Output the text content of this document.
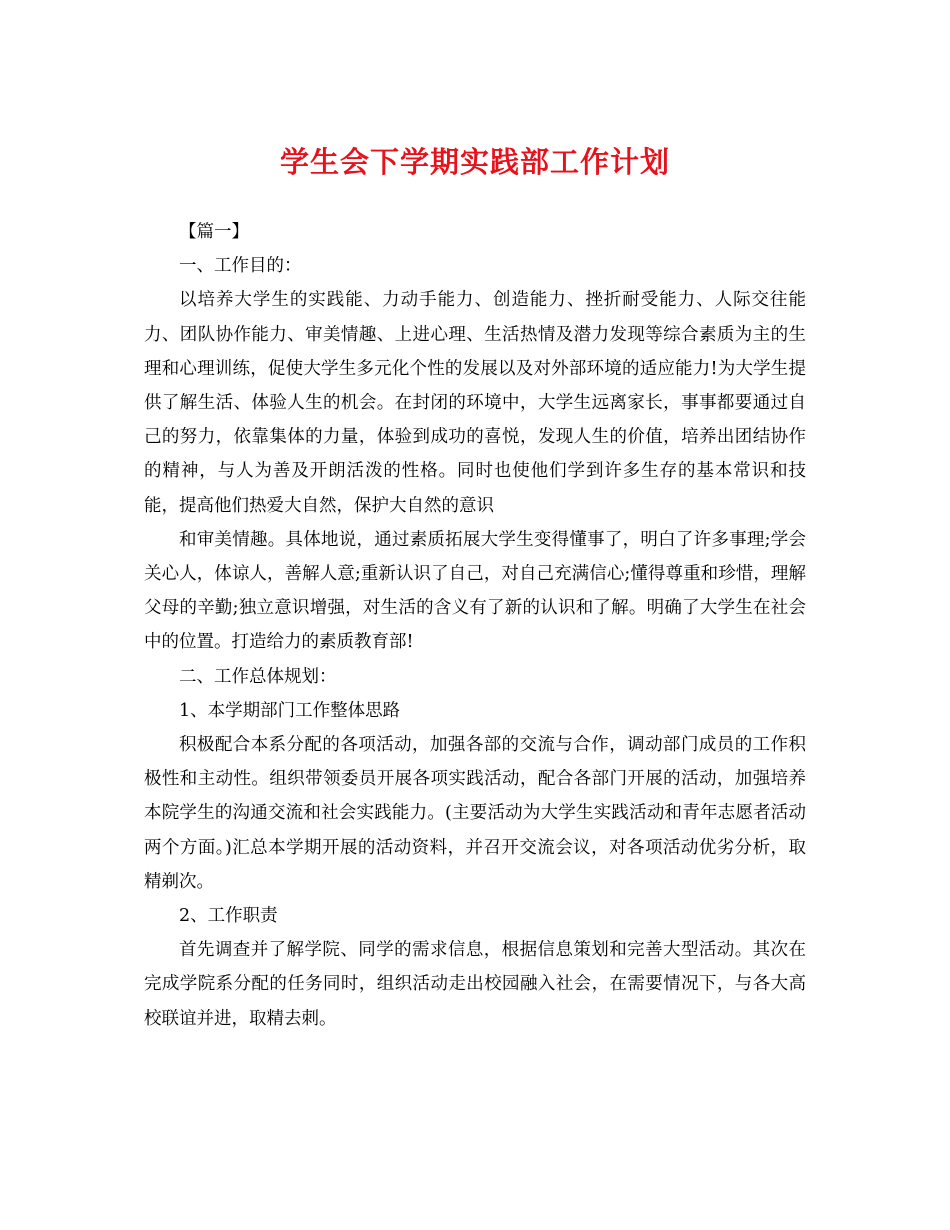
学生会下学期实践部工作计划

【篇一】

一、工作目的：

以培养大学生的实践能、力动手能力、创造能力、挫折耐受能力、人际交往能力、团队协作能力、审美情趣、上进心理、生活热情及潜力发现等综合素质为主的生理和心理训练，促使大学生多元化个性的发展以及对外部环境的适应能力!为大学生提供了解生活、体验人生的机会。在封闭的环境中，大学生远离家长，事事都要通过自己的努力，依靠集体的力量，体验到成功的喜悦，发现人生的价值，培养出团结协作的精神，与人为善及开朗活泼的性格。同时也使他们学到许多生存的基本常识和技能，提高他们热爱大自然，保护大自然的意识

和审美情趣。具体地说，通过素质拓展大学生变得懂事了，明白了许多事理;学会关心人，体谅人，善解人意;重新认识了自己，对自己充满信心;懂得尊重和珍惜，理解父母的辛勤;独立意识增强，对生活的含义有了新的认识和了解。明确了大学生在社会中的位置。打造给力的素质教育部!

二、工作总体规划：

1、本学期部门工作整体思路

积极配合本系分配的各项活动，加强各部的交流与合作，调动部门成员的工作积极性和主动性。组织带领委员开展各项实践活动，配合各部门开展的活动，加强培养本院学生的沟通交流和社会实践能力。(主要活动为大学生实践活动和青年志愿者活动两个方面。)汇总本学期开展的活动资料，并召开交流会议，对各项活动优劣分析，取精剃次。

2、工作职责

首先调查并了解学院、同学的需求信息，根据信息策划和完善大型活动。其次在完成学院系分配的任务同时，组织活动走出校园融入社会，在需要情况下，与各大高校联谊并进，取精去刺。
